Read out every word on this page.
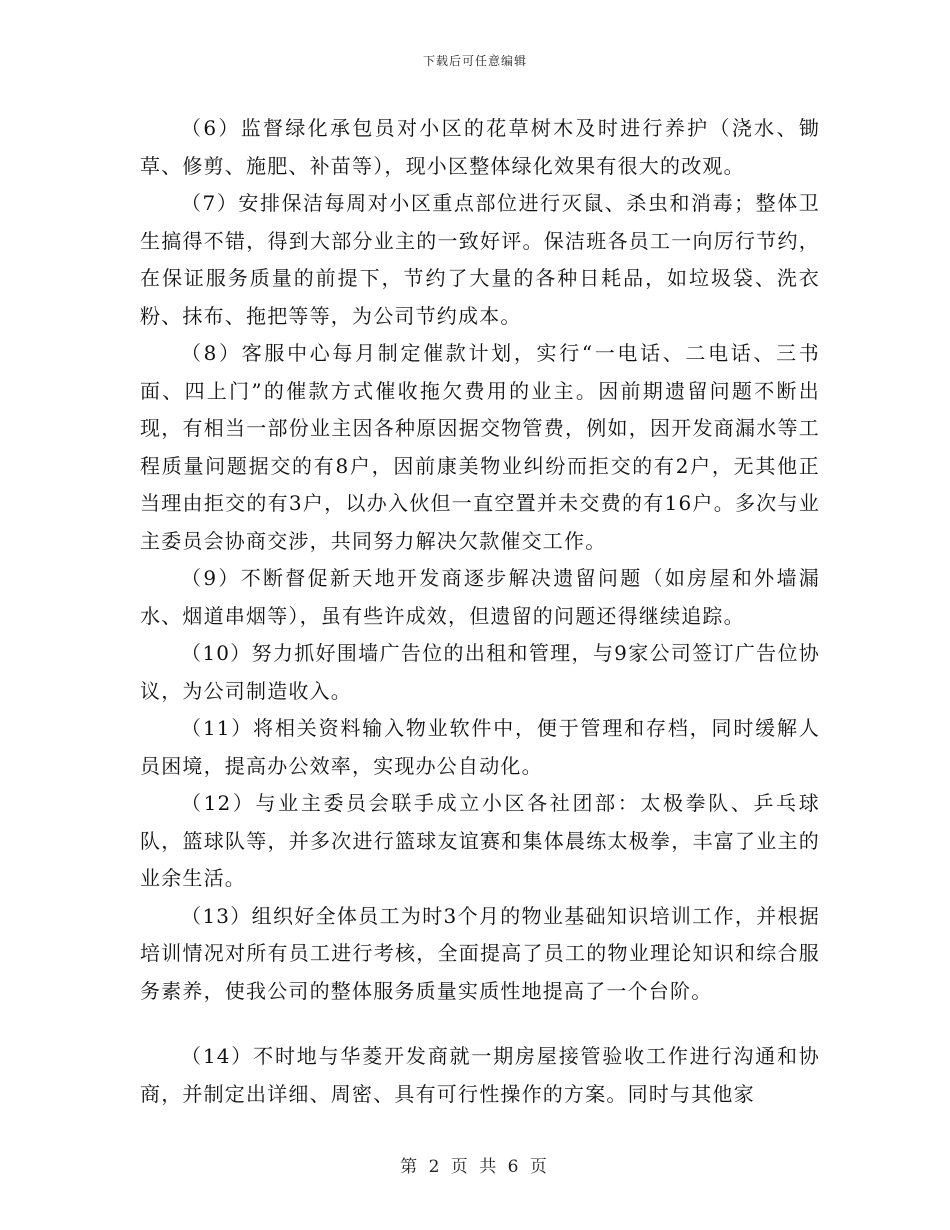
下载后可任意编辑

（6）监督绿化承包员对小区的花草树木及时进行养护（浇水、锄草、修剪、施肥、补苗等），现小区整体绿化效果有很大的改观。

（7）安排保洁每周对小区重点部位进行灭鼠、杀虫和消毒；整体卫生搞得不错，得到大部分业主的一致好评。保洁班各员工一向厉行节约，在保证服务质量的前提下，节约了大量的各种日耗品，如垃圾袋、洗衣粉、抹布、拖把等等，为公司节约成本。

（8）客服中心每月制定催款计划，实行“一电话、二电话、三书面、四上门”的催款方式催收拖欠费用的业主。因前期遗留问题不断出现，有相当一部份业主因各种原因据交物管费，例如，因开发商漏水等工程质量问题据交的有8户，因前康美物业纠纷而拒交的有2户，无其他正当理由拒交的有3户，以办入伙但一直空置并未交费的有16户。多次与业主委员会协商交涉，共同努力解决欠款催交工作。

（9）不断督促新天地开发商逐步解决遗留问题（如房屋和外墙漏水、烟道串烟等），虽有些许成效，但遗留的问题还得继续追踪。

（10）努力抓好围墙广告位的出租和管理，与9家公司签订广告位协议，为公司制造收入。

（11）将相关资料输入物业软件中，便于管理和存档，同时缓解人员困境，提高办公效率，实现办公自动化。

（12）与业主委员会联手成立小区各社团部：太极拳队、乒乓球队，篮球队等，并多次进行篮球友谊赛和集体晨练太极拳，丰富了业主的业余生活。

（13）组织好全体员工为时3个月的物业基础知识培训工作，并根据培训情况对所有员工进行考核，全面提高了员工的物业理论知识和综合服务素养，使我公司的整体服务质量实质性地提高了一个台阶。

（14）不时地与华菱开发商就一期房屋接管验收工作进行沟通和协商，并制定出详细、周密、具有可行性操作的方案。同时与其他家

第 2 页 共 6 页
